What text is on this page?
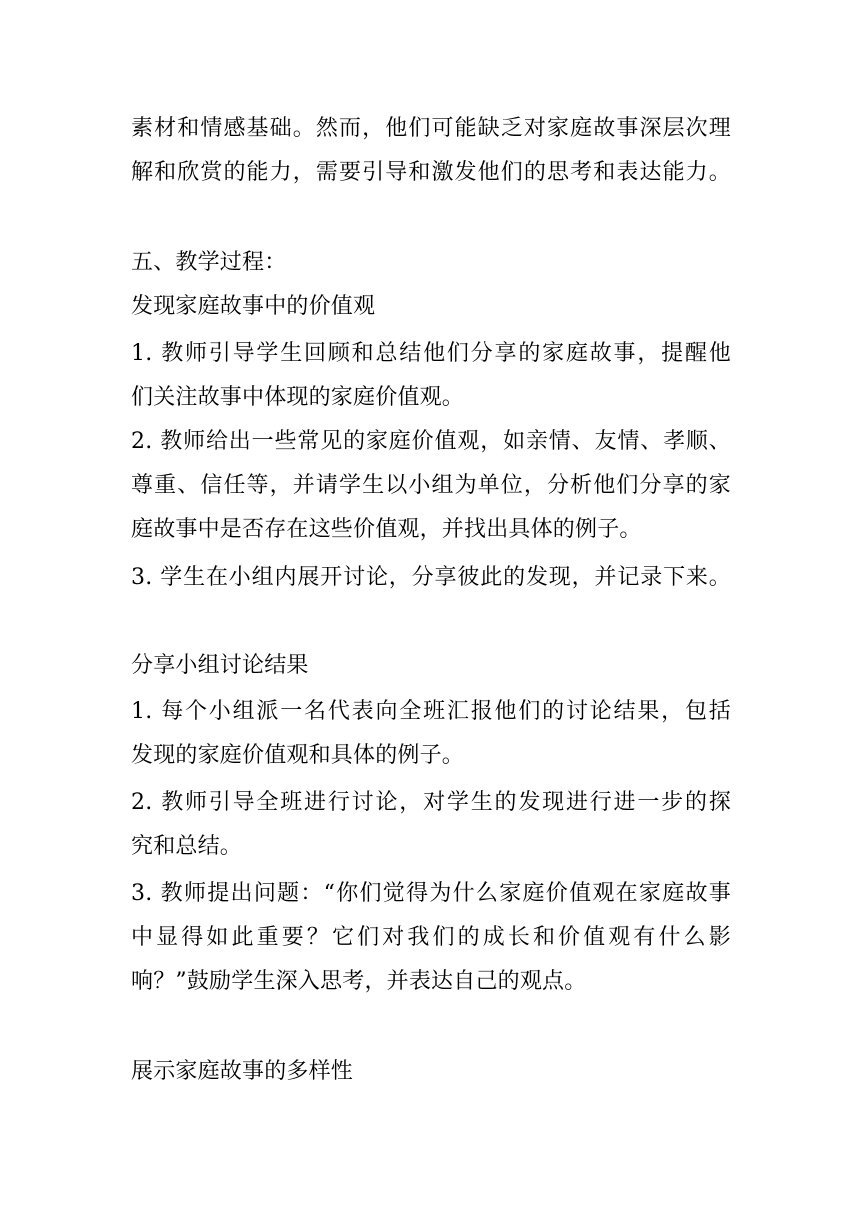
素材和情感基础。然而，他们可能缺乏对家庭故事深层次理
解和欣赏的能力，需要引导和激发他们的思考和表达能力。
五、教学过程：
发现家庭故事中的价值观
1. 教师引导学生回顾和总结他们分享的家庭故事，提醒他
们关注故事中体现的家庭价值观。
2. 教师给出一些常见的家庭价值观，如亲情、友情、孝顺、
尊重、信任等，并请学生以小组为单位，分析他们分享的家
庭故事中是否存在这些价值观，并找出具体的例子。
3. 学生在小组内展开讨论，分享彼此的发现，并记录下来。
分享小组讨论结果
1. 每个小组派一名代表向全班汇报他们的讨论结果，包括
发现的家庭价值观和具体的例子。
2. 教师引导全班进行讨论，对学生的发现进行进一步的探
究和总结。
3. 教师提出问题：“你们觉得为什么家庭价值观在家庭故事
中显得如此重要？它们对我们的成长和价值观有什么影
响？”鼓励学生深入思考，并表达自己的观点。
展示家庭故事的多样性
